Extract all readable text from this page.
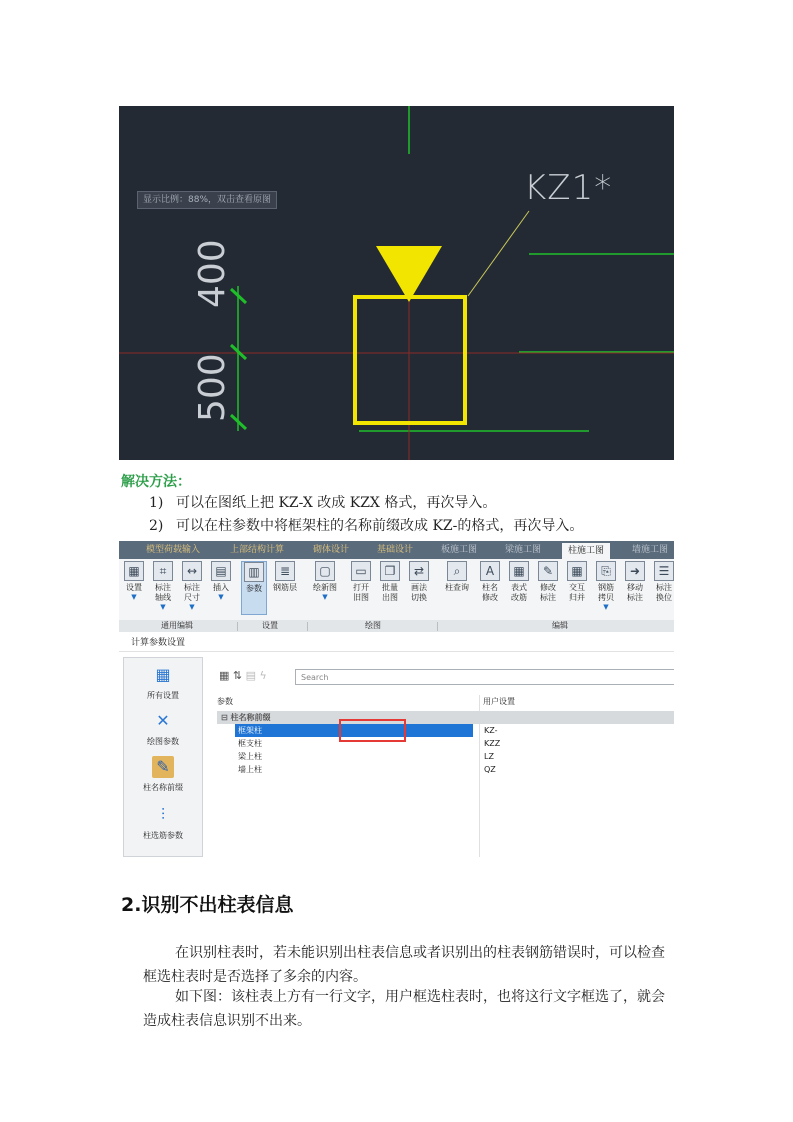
显示比例：88%，双击查看原图	KZ1*
400
500
解决方法：
1) 可以在图纸上把 KZ-X 改成 KZX 格式，再次导入。
2) 可以在柱参数中将框架柱的名称前缀改成 KZ-的格式，再次导入。
模型荷载输入	上部结构计算	砌体设计	基础设计	板施工图	梁施工图	柱施工图	墙施工图
▦
设置
▼
⌗
标注
轴线
▼
↔
标注
尺寸
▼
▤
插入
▼
▥
参数
≣
钢筋层
▢
绘新图
▼
▭
打开
旧图
❐
批量
出图
⇄
画法
切换
⌕
柱查询
A
柱名
修改
▦
表式
改筋
✎
修改
标注
▦
交互
归并
⎘
钢筋
拷贝
▼
➜
移动
标注
☰
标注
换位
通用编辑	设置	绘图	编辑
计算参数设置
▦
所有设置
✕
绘图参数
✎
柱名称前缀
⫶
柱选筋参数
▦ ⇅ ▤ ϟ	Search
参数	用户设置
⊟ 柱名称前缀
框架柱	KZ-
框支柱	KZZ
梁上柱	LZ
墙上柱	QZ
2.识别不出柱表信息
在识别柱表时，若未能识别出柱表信息或者识别出的柱表钢筋错误时，可以检查框选柱表时是否选择了多余的内容。
如下图：该柱表上方有一行文字，用户框选柱表时，也将这行文字框选了，就会造成柱表信息识别不出来。
